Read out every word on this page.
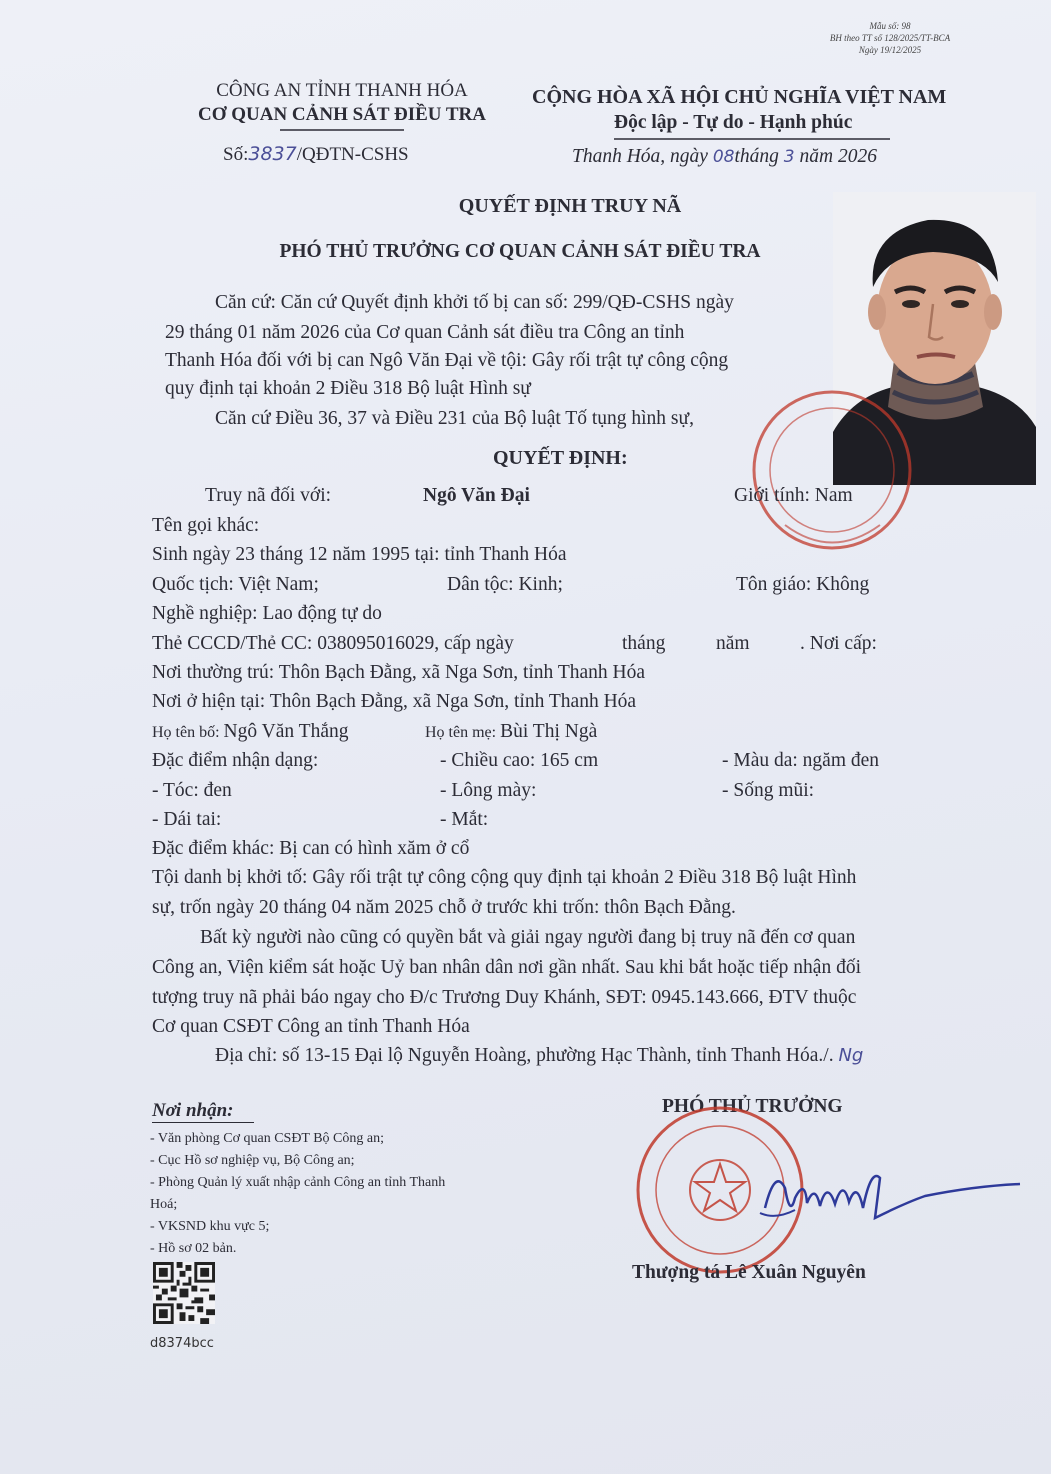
Mẫu số: 98
BH theo TT số 128/2025/TT-BCA
Ngày 19/12/2025
CÔNG AN TỈNH THANH HÓA
CƠ QUAN CẢNH SÁT ĐIỀU TRA
Số:3837/QĐTN-CSHS
CỘNG HÒA XÃ HỘI CHỦ NGHĨA VIỆT NAM
Độc lập - Tự do - Hạnh phúc
Thanh Hóa, ngày 08tháng 3 năm 2026
QUYẾT ĐỊNH TRUY NÃ
PHÓ THỦ TRƯỞNG CƠ QUAN CẢNH SÁT ĐIỀU TRA
Căn cứ: Căn cứ Quyết định khởi tố bị can số: 299/QĐ-CSHS ngày
29 tháng 01 năm 2026 của Cơ quan Cảnh sát điều tra Công an tỉnh
Thanh Hóa đối với bị can Ngô Văn Đại về tội: Gây rối trật tự công cộng
quy định tại khoản 2 Điều 318 Bộ luật Hình sự
Căn cứ Điều 36, 37 và Điều 231 của Bộ luật Tố tụng hình sự,
QUYẾT ĐỊNH:
Truy nã đối với:	Ngô Văn Đại	Giới tính: Nam
Tên gọi khác:
Sinh ngày 23 tháng 12 năm 1995 tại: tỉnh Thanh Hóa
Quốc tịch: Việt Nam;	Dân tộc: Kinh;	Tôn giáo: Không
Nghề nghiệp: Lao động tự do
Thẻ CCCD/Thẻ CC: 038095016029, cấp ngày	tháng	năm	. Nơi cấp:
Nơi thường trú: Thôn Bạch Đằng, xã Nga Sơn, tỉnh Thanh Hóa
Nơi ở hiện tại: Thôn Bạch Đằng, xã Nga Sơn, tỉnh Thanh Hóa
Họ tên bố: Ngô Văn Thắng	Họ tên mẹ: Bùi Thị Ngà
Đặc điểm nhận dạng:	- Chiều cao: 165 cm	- Màu da: ngăm đen
- Tóc: đen	- Lông mày:	- Sống mũi:
- Dái tai:	- Mắt:
Đặc điểm khác: Bị can có hình xăm ở cổ
Tội danh bị khởi tố: Gây rối trật tự công cộng quy định tại khoản 2 Điều 318 Bộ luật Hình
sự, trốn ngày 20 tháng 04 năm 2025 chỗ ở trước khi trốn: thôn Bạch Đằng.
Bất kỳ người nào cũng có quyền bắt và giải ngay người đang bị truy nã đến cơ quan
Công an, Viện kiểm sát hoặc Uỷ ban nhân dân nơi gần nhất. Sau khi bắt hoặc tiếp nhận đối
tượng truy nã phải báo ngay cho Đ/c Trương Duy Khánh, SĐT: 0945.143.666, ĐTV thuộc
Cơ quan CSĐT Công an tỉnh Thanh Hóa
Địa chỉ: số 13-15 Đại lộ Nguyễn Hoàng, phường Hạc Thành, tỉnh Thanh Hóa./. Ng
Nơi nhận:
- Văn phòng Cơ quan CSĐT Bộ Công an;
- Cục Hồ sơ nghiệp vụ, Bộ Công an;
- Phòng Quản lý xuất nhập cảnh Công an tỉnh Thanh
Hoá;
- VKSND khu vực 5;
- Hồ sơ 02 bản.
d8374bcc
PHÓ THỦ TRƯỞNG
Thượng tá Lê Xuân Nguyên
